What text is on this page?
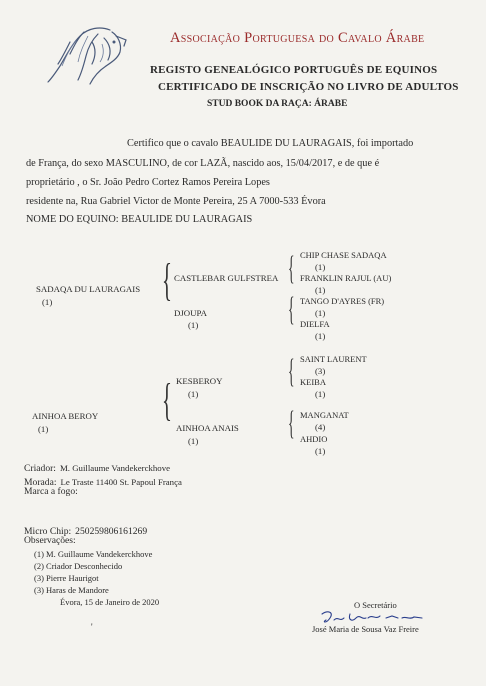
Associação Portuguesa do Cavalo Árabe
REGISTO GENEALÓGICO PORTUGUÊS DE EQUINOS
CERTIFICADO DE INSCRIÇÃO NO LIVRO DE ADULTOS
STUD BOOK DA RAÇA: ÁRABE
Certifico que o cavalo BEAULIDE DU LAURAGAIS, foi importado
de França, do sexo MASCULINO, de cor LAZÃ, nascido aos, 15/04/2017, e de que é
proprietário , o Sr. João Pedro Cortez Ramos Pereira Lopes
residente na, Rua Gabriel Victor de Monte Pereira, 25 A 7000-533 Évora
NOME DO EQUINO: BEAULIDE DU LAURAGAIS
SADAQA DU LAURAGAIS
(1) { CASTLEBAR GULFSTREA
DJOUPA
(1)
{ CHIP CHASE SADAQA
(1)
FRANKLIN RAJUL (AU)
(1)
{ TANGO D'AYRES (FR)
(1)
DIELFA
(1)
AINHOA BEROY
(1)
{ KESBEROY
(1)
AINHOA ANAIS
(1)
{ SAINT LAURENT
(3)
KEIBA
(1)
{ MANGANAT
(4)
AHDIO
(1)
Criador: M. Guillaume Vandekerckhove
Morada: Le Traste 11400 St. Papoul França
Marca a fogo:
Micro Chip: 250259806161269
Observações:
(1) M. Guillaume Vandekerckhove
(2) Criador Desconhecido
(3) Pierre Haurigot
(3) Haras de Mandore
Évora, 15 de Janeiro de 2020
'
O Secretário
José Maria de Sousa Vaz Freire
